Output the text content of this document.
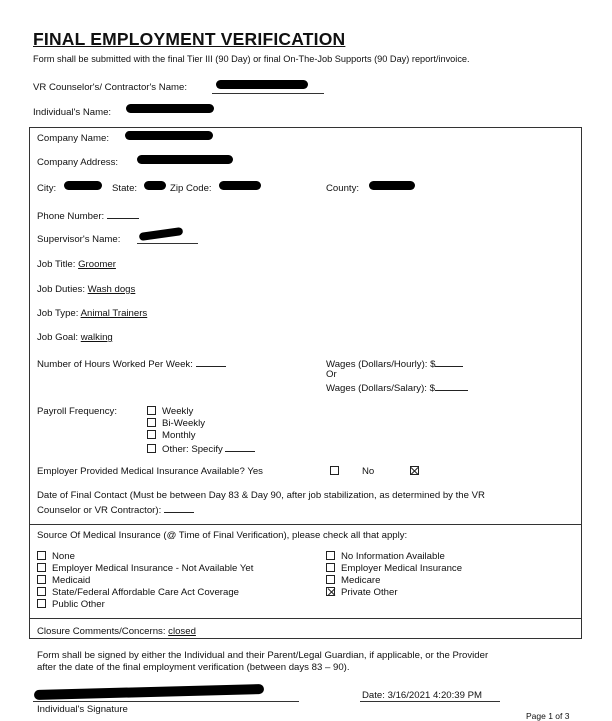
FINAL EMPLOYMENT VERIFICATION
Form shall be submitted with the final Tier III (90 Day) or final On-The-Job Supports (90 Day) report/invoice.
VR Counselor's/ Contractor's Name:
Individual's Name:
Company Name:
Company Address:
City:	State:	Zip Code:	County:
Phone Number:
Supervisor's Name:
Job Title: Groomer
Job Duties: Wash dogs
Job Type: Animal Trainers
Job Goal: walking
Number of Hours Worked Per Week:	Wages (Dollars/Hourly): $
Or
Wages (Dollars/Salary): $
Payroll Frequency:	Weekly
Bi-Weekly
Monthly
Other: Specify
Employer Provided Medical Insurance Available? Yes
	No
Date of Final Contact (Must be between Day 83 & Day 90, after job stabilization, as determined by the VR
Counselor or VR Contractor):
Source Of Medical Insurance (@ Time of Final Verification), please check all that apply:
None
Employer Medical Insurance - Not Available Yet
Medicaid
State/Federal Affordable Care Act Coverage
Public Other
No Information Available
Employer Medical Insurance
Medicare
Private Other
Closure Comments/Concerns: closed
Form shall be signed by either the Individual and their Parent/Legal Guardian, if applicable, or the Provider
after the date of the final employment verification (between days 83 – 90).
Date: 3/16/2021 4:20:39 PM
Individual's Signature
Page 1 of 3
